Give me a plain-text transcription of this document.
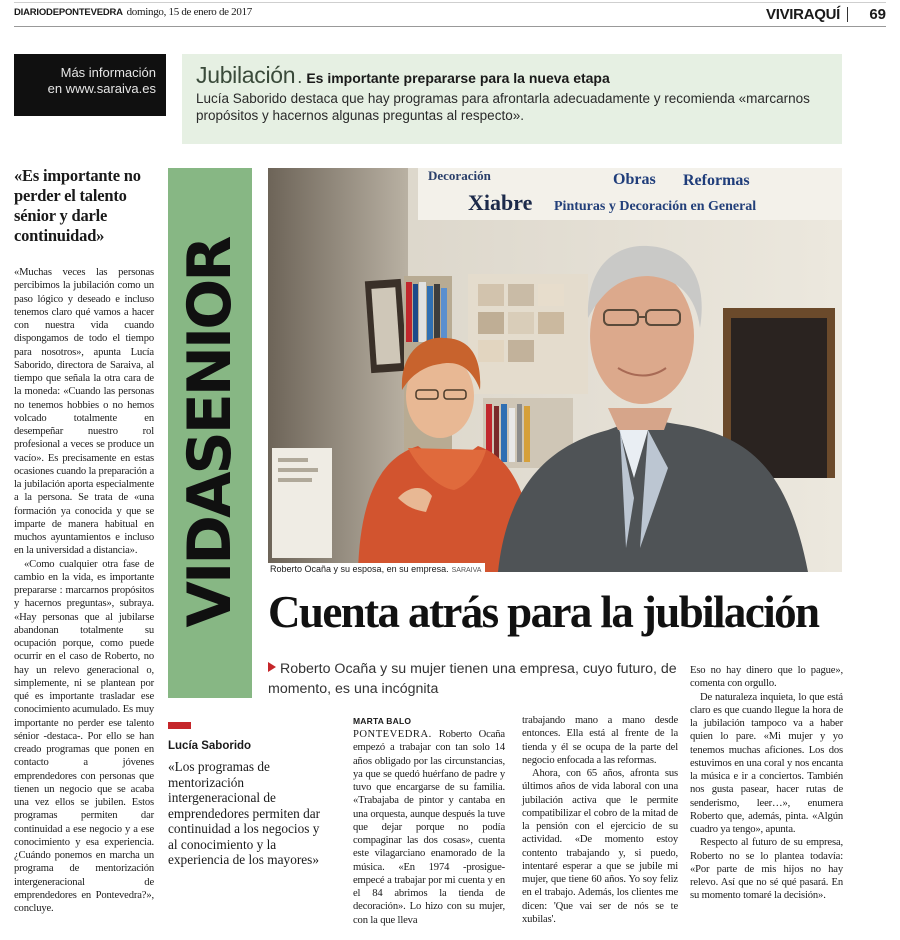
DIARIODEPONTEVEDRA domingo, 15 de enero de 2017	VIVIRAQUÍ 69
Más información
en www.saraiva.es
Jubilación . Es importante prepararse para la nueva etapa
Lucía Saborido destaca que hay programas para afrontarla adecuadamente y recomienda «marcarnos propósitos y hacernos algunas preguntas al respecto».
«Es importante no perder el talento sénior y darle continuidad»

«Muchas veces las personas percibimos la jubilación como un paso lógico y deseado e incluso tenemos claro qué vamos a hacer con nuestra vida cuando dispongamos de todo el tiempo para nosotros», apunta Lucía Saborido, directora de Saraiva, al tiempo que señala la otra cara de la moneda: «Cuando las personas no tenemos hobbies o no hemos volcado totalmente en desempeñar nuestro rol profesional a veces se produce un vacío». Es precisamente en estas ocasiones cuando la preparación a la jubilación aporta especialmente a la persona. Se trata de «una formación ya conocida y que se imparte de manera habitual en muchos ayuntamientos e incluso en la universidad a distancia».

«Como cualquier otra fase de cambio en la vida, es importante prepararse : marcarnos propósitos y hacernos preguntas», subraya. «Hay personas que al jubilarse abandonan totalmente su ocupación porque, como puede ocurrir en el caso de Roberto, no hay un relevo generacional o, simplemente, ni se plantean por qué es importante trasladar ese conocimiento acumulado. Es muy importante no perder ese talento sénior -destaca-. Por ello se han creado programas que ponen en contacto a jóvenes emprendedores con personas que tienen un negocio que se acaba una vez ellos se jubilen. Estos programas permiten dar continuidad a ese negocio y a ese conocimiento y esa experiencia. ¿Cuándo ponemos en marcha un programa de mentorización intergeneracional de emprendedores en Pontevedra?», concluye.

VIDASENIOR
Lucía Saborido
«Los programas de mentorización intergeneracional de emprendedores permiten dar continuidad a los negocios y al conocimiento y la experiencia de los mayores»
Decoración	Obras Reformas
Xiabre Pinturas y Decoración en General
Roberto Ocaña y su esposa, en su empresa. SARAIVA
Cuenta atrás para la jubilación
Roberto Ocaña y su mujer tienen una empresa, cuyo futuro, de momento, es una incógnita
MARTA BALO

PONTEVEDRA. Roberto Ocaña empezó a trabajar con tan solo 14 años obligado por las circunstancias, ya que se quedó huérfano de padre y tuvo que encargarse de su familia. «Trabajaba de pintor y cantaba en una orquesta, aunque después la tuve que dejar porque no podía compaginar las dos cosas», cuenta este vilagarciano enamorado de la música. «En 1974 -prosigue- empecé a trabajar por mi cuenta y en el 84 abrimos la tienda de decoración». Lo hizo con su mujer, con la que lleva

trabajando mano a mano desde entonces. Ella está al frente de la tienda y él se ocupa de la parte del negocio enfocada a las reformas.

Ahora, con 65 años, afronta sus últimos años de vida laboral con una jubilación activa que le permite compatibilizar el cobro de la mitad de la pensión con el ejercicio de su actividad. «De momento estoy contento trabajando y, si puedo, intentaré esperar a que se jubile mi mujer, que tiene 60 años. Yo soy feliz en el trabajo. Además, los clientes me dicen: 'Que vai ser de nós se te xubilas'.

Eso no hay dinero que lo pague», comenta con orgullo.

De naturaleza inquieta, lo que está claro es que cuando llegue la hora de la jubilación tampoco va a haber quien lo pare. «Mi mujer y yo tenemos muchas aficiones. Los dos estuvimos en una coral y nos encanta la música e ir a conciertos. También nos gusta pasear, hacer rutas de senderismo, leer…», enumera Roberto que, además, pinta. «Algún cuadro ya tengo», apunta.

Respecto al futuro de su empresa, Roberto no se lo plantea todavía: «Por parte de mis hijos no hay relevo. Así que no sé qué pasará. En su momento tomaré la decisión».
